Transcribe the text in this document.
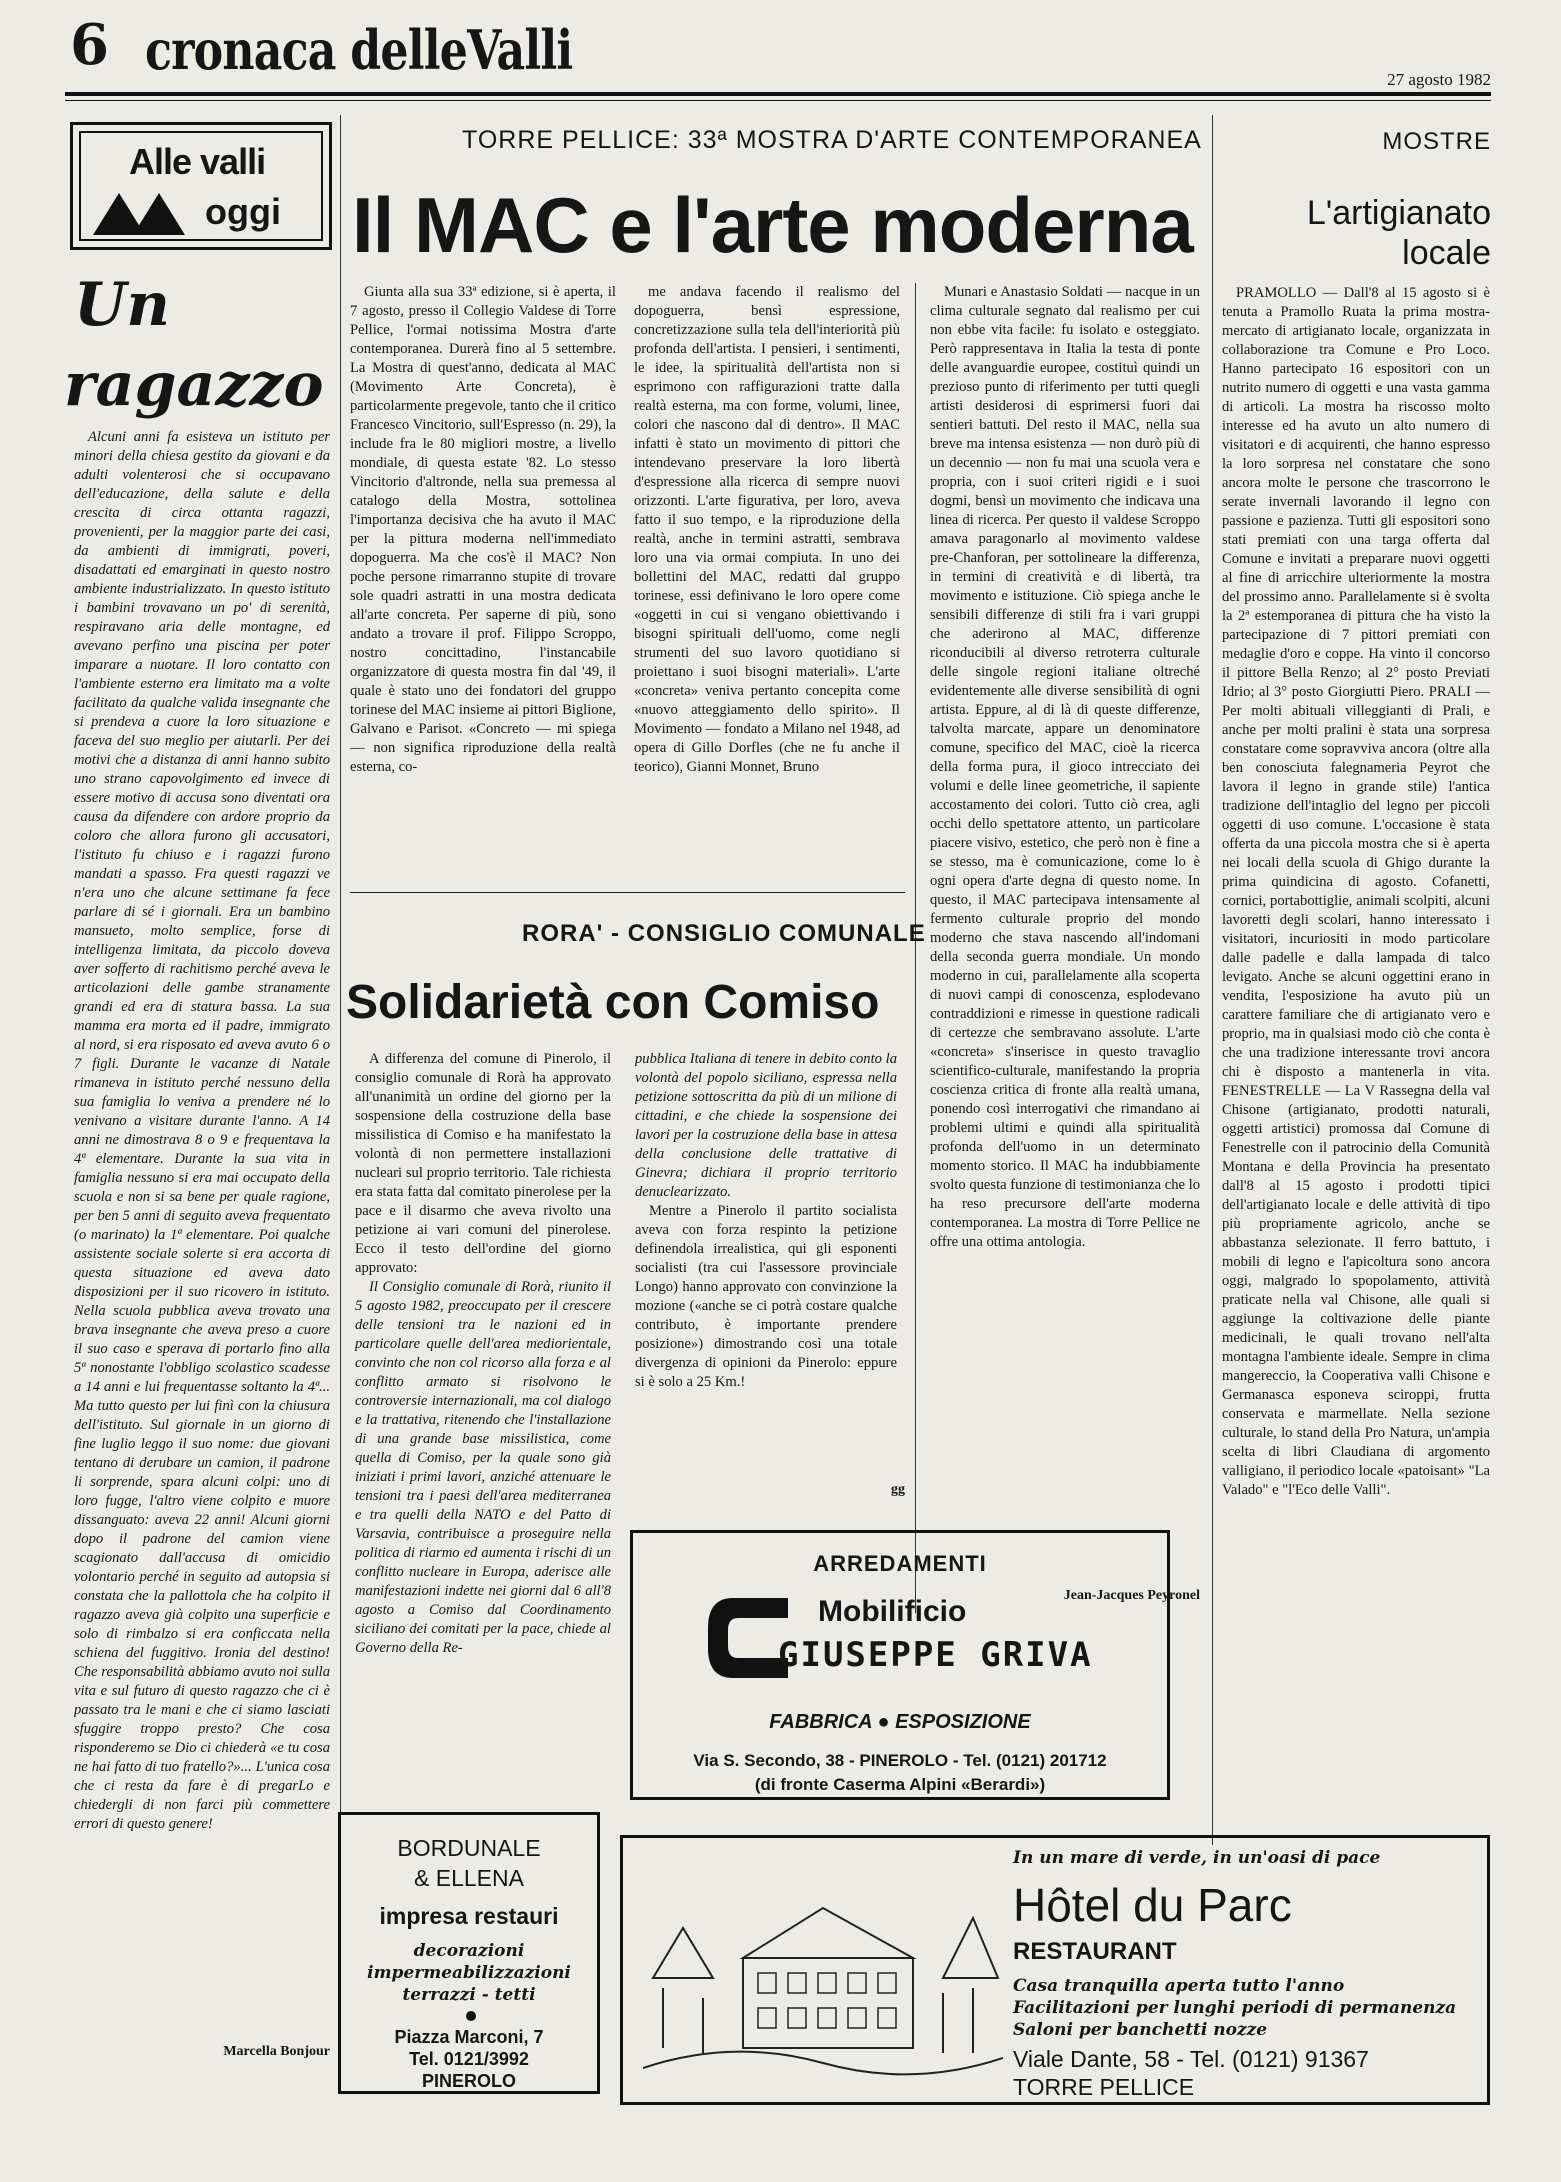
6 cronaca delleValli	27 agosto 1982
Alle valli
oggi
Un
ragazzo

Alcuni anni fa esisteva un istituto per minori della chiesa gestito da giovani e da adulti volenterosi che si occupavano dell'educazione, della salute e della crescita di circa ottanta ragazzi, provenienti, per la maggior parte dei casi, da ambienti di immigrati, poveri, disadattati ed emarginati in questo nostro ambiente industrializzato. In questo istituto i bambini trovavano un po' di serenità, respiravano aria delle montagne, ed avevano perfino una piscina per poter imparare a nuotare. Il loro contatto con l'ambiente esterno era limitato ma a volte facilitato da qualche valida insegnante che si prendeva a cuore la loro situazione e faceva del suo meglio per aiutarli. Per dei motivi che a distanza di anni hanno subito uno strano capovolgimento ed invece di essere motivo di accusa sono diventati ora causa da difendere con ardore proprio da coloro che allora furono gli accusatori, l'istituto fu chiuso e i ragazzi furono mandati a spasso. Fra questi ragazzi ve n'era uno che alcune settimane fa fece parlare di sé i giornali. Era un bambino mansueto, molto semplice, forse di intelligenza limitata, da piccolo doveva aver sofferto di rachitismo perché aveva le articolazioni delle gambe stranamente grandi ed era di statura bassa. La sua mamma era morta ed il padre, immigrato al nord, si era risposato ed aveva avuto 6 o 7 figli. Durante le vacanze di Natale rimaneva in istituto perché nessuno della sua famiglia lo veniva a prendere né lo venivano a visitare durante l'anno. A 14 anni ne dimostrava 8 o 9 e frequentava la 4ª elementare. Durante la sua vita in famiglia nessuno si era mai occupato della scuola e non si sa bene per quale ragione, per ben 5 anni di seguito aveva frequentato (o marinato) la 1ª elementare. Poi qualche assistente sociale solerte si era accorta di questa situazione ed aveva dato disposizioni per il suo ricovero in istituto. Nella scuola pubblica aveva trovato una brava insegnante che aveva preso a cuore il suo caso e sperava di portarlo fino alla 5ª nonostante l'obbligo scolastico scadesse a 14 anni e lui frequentasse soltanto la 4ª... Ma tutto questo per lui finì con la chiusura dell'istituto. Sul giornale in un giorno di fine luglio leggo il suo nome: due giovani tentano di derubare un camion, il padrone li sorprende, spara alcuni colpi: uno di loro fugge, l'altro viene colpito e muore dissanguato: aveva 22 anni! Alcuni giorni dopo il padrone del camion viene scagionato dall'accusa di omicidio volontario perché in seguito ad autopsia si constata che la pallottola che ha colpito il ragazzo aveva già colpito una superficie e solo di rimbalzo si era conficcata nella schiena del fuggitivo. Ironia del destino! Che responsabilità abbiamo avuto noi sulla vita e sul futuro di questo ragazzo che ci è passato tra le mani e che ci siamo lasciati sfuggire troppo presto? Che cosa risponderemo se Dio ci chiederà «e tu cosa ne hai fatto di tuo fratello?»... L'unica cosa che ci resta da fare è di pregarLo e chiedergli di non farci più commettere errori di questo genere!

Marcella Bonjour
TORRE PELLICE: 33ª MOSTRA D'ARTE CONTEMPORANEA
Il MAC e l'arte moderna

Giunta alla sua 33ª edizione, si è aperta, il 7 agosto, presso il Collegio Valdese di Torre Pellice, l'ormai notissima Mostra d'arte contemporanea. Durerà fino al 5 settembre. La Mostra di quest'anno, dedicata al MAC (Movimento Arte Concreta), è particolarmente pregevole, tanto che il critico Francesco Vincitorio, sull'Espresso (n. 29), la include fra le 80 migliori mostre, a livello mondiale, di questa estate '82. Lo stesso Vincitorio d'altronde, nella sua premessa al catalogo della Mostra, sottolinea l'importanza decisiva che ha avuto il MAC per la pittura moderna nell'immediato dopoguerra. Ma che cos'è il MAC? Non poche persone rimarranno stupite di trovare sole quadri astratti in una mostra dedicata all'arte concreta. Per saperne di più, sono andato a trovare il prof. Filippo Scroppo, nostro concittadino, l'instancabile organizzatore di questa mostra fin dal '49, il quale è stato uno dei fondatori del gruppo torinese del MAC insieme ai pittori Biglione, Galvano e Parisot. «Concreto — mi spiega — non significa riproduzione della realtà esterna, co-

me andava facendo il realismo del dopoguerra, bensì espressione, concretizzazione sulla tela dell'interiorità più profonda dell'artista. I pensieri, i sentimenti, le idee, la spiritualità dell'artista non si esprimono con raffigurazioni tratte dalla realtà esterna, ma con forme, volumi, linee, colori che nascono dal di dentro». Il MAC infatti è stato un movimento di pittori che intendevano preservare la loro libertà d'espressione alla ricerca di sempre nuovi orizzonti. L'arte figurativa, per loro, aveva fatto il suo tempo, e la riproduzione della realtà, anche in termini astratti, sembrava loro una via ormai compiuta. In uno dei bollettini del MAC, redatti dal gruppo torinese, essi definivano le loro opere come «oggetti in cui si vengano obiettivando i bisogni spirituali dell'uomo, come negli strumenti del suo lavoro quotidiano si proiettano i suoi bisogni materiali». L'arte «concreta» veniva pertanto concepita come «nuovo atteggiamento dello spirito». Il Movimento — fondato a Milano nel 1948, ad opera di Gillo Dorfles (che ne fu anche il teorico), Gianni Monnet, Bruno

Munari e Anastasio Soldati — nacque in un clima culturale segnato dal realismo per cui non ebbe vita facile: fu isolato e osteggiato. Però rappresentava in Italia la testa di ponte delle avanguardie europee, costituì quindi un prezioso punto di riferimento per tutti quegli artisti desiderosi di esprimersi fuori dai sentieri battuti. Del resto il MAC, nella sua breve ma intensa esistenza — non durò più di un decennio — non fu mai una scuola vera e propria, con i suoi criteri rigidi e i suoi dogmi, bensì un movimento che indicava una linea di ricerca. Per questo il valdese Scroppo amava paragonarlo al movimento valdese pre-Chanforan, per sottolineare la differenza, in termini di creatività e di libertà, tra movimento e istituzione. Ciò spiega anche le sensibili differenze di stili fra i vari gruppi che aderirono al MAC, differenze riconducibili al diverso retroterra culturale delle singole regioni italiane oltreché evidentemente alle diverse sensibilità di ogni artista. Eppure, al di là di queste differenze, talvolta marcate, appare un denominatore comune, specifico del MAC, cioè la ricerca della forma pura, il gioco intrecciato dei volumi e delle linee geometriche, il sapiente accostamento dei colori. Tutto ciò crea, agli occhi dello spettatore attento, un particolare piacere visivo, estetico, che però non è fine a se stesso, ma è comunicazione, come lo è ogni opera d'arte degna di questo nome. In questo, il MAC partecipava intensamente al fermento culturale proprio del mondo moderno che stava nascendo all'indomani della seconda guerra mondiale. Un mondo moderno in cui, parallelamente alla scoperta di nuovi campi di conoscenza, esplodevano contraddizioni e rimesse in questione radicali di certezze che sembravano assolute. L'arte «concreta» s'inserisce in questo travaglio scientifico-culturale, manifestando la propria coscienza critica di fronte alla realtà umana, ponendo così interrogativi che rimandano ai problemi ultimi e quindi alla spiritualità profonda dell'uomo in un determinato momento storico. Il MAC ha indubbiamente svolto questa funzione di testimonianza che lo ha reso precursore dell'arte moderna contemporanea. La mostra di Torre Pellice ne offre una ottima antologia.

Jean-Jacques Peyronel
RORA' - CONSIGLIO COMUNALE
Solidarietà con Comiso

A differenza del comune di Pinerolo, il consiglio comunale di Rorà ha approvato all'unanimità un ordine del giorno per la sospensione della costruzione della base missilistica di Comiso e ha manifestato la volontà di non permettere installazioni nucleari sul proprio territorio. Tale richiesta era stata fatta dal comitato pinerolese per la pace e il disarmo che aveva rivolto una petizione ai vari comuni del pinerolese. Ecco il testo dell'ordine del giorno approvato:

Il Consiglio comunale di Rorà, riunito il 5 agosto 1982, preoccupato per il crescere delle tensioni tra le nazioni ed in particolare quelle dell'area mediorientale, convinto che non col ricorso alla forza e al conflitto armato si risolvono le controversie internazionali, ma col dialogo e la trattativa, ritenendo che l'installazione di una grande base missilistica, come quella di Comiso, per la quale sono già iniziati i primi lavori, anziché attenuare le tensioni tra i paesi dell'area mediterranea e tra quelli della NATO e del Patto di Varsavia, contribuisce a proseguire nella politica di riarmo ed aumenta i rischi di un conflitto nucleare in Europa, aderisce alle manifestazioni indette nei giorni dal 6 all'8 agosto a Comiso dal Coordinamento siciliano dei comitati per la pace, chiede al Governo della Re-

pubblica Italiana di tenere in debito conto la volontà del popolo siciliano, espressa nella petizione sottoscritta da più di un milione di cittadini, e che chiede la sospensione dei lavori per la costruzione della base in attesa della conclusione delle trattative di Ginevra; dichiara il proprio territorio denuclearizzato.

Mentre a Pinerolo il partito socialista aveva con forza respinto la petizione definendola irrealistica, qui gli esponenti socialisti (tra cui l'assessore provinciale Longo) hanno approvato con convinzione la mozione («anche se ci potrà costare qualche contributo, è importante prendere posizione») dimostrando così una totale divergenza di opinioni da Pinerolo: eppure si è solo a 25 Km.!

gg
MOSTRE
L'artigianato
locale

PRAMOLLO — Dall'8 al 15 agosto si è tenuta a Pramollo Ruata la prima mostra-mercato di artigianato locale, organizzata in collaborazione tra Comune e Pro Loco. Hanno partecipato 16 espositori con un nutrito numero di oggetti e una vasta gamma di articoli. La mostra ha riscosso molto interesse ed ha avuto un alto numero di visitatori e di acquirenti, che hanno espresso la loro sorpresa nel constatare che sono ancora molte le persone che trascorrono le serate invernali lavorando il legno con passione e pazienza. Tutti gli espositori sono stati premiati con una targa offerta dal Comune e invitati a preparare nuovi oggetti al fine di arricchire ulteriormente la mostra del prossimo anno. Parallelamente si è svolta la 2ª estemporanea di pittura che ha visto la partecipazione di 7 pittori premiati con medaglie d'oro e coppe. Ha vinto il concorso il pittore Bella Renzo; al 2° posto Previati Idrio; al 3° posto Giorgiutti Piero. PRALI — Per molti abituali villeggianti di Prali, e anche per molti pralini è stata una sorpresa constatare come sopravviva ancora (oltre alla ben conosciuta falegnameria Peyrot che lavora il legno in grande stile) l'antica tradizione dell'intaglio del legno per piccoli oggetti di uso comune. L'occasione è stata offerta da una piccola mostra che si è aperta nei locali della scuola di Ghigo durante la prima quindicina di agosto. Cofanetti, cornici, portabottiglie, animali scolpiti, alcuni lavoretti degli scolari, hanno interessato i visitatori, incuriositi in modo particolare dalle padelle e dalla lampada di talco levigato. Anche se alcuni oggettini erano in vendita, l'esposizione ha avuto più un carattere familiare che di artigianato vero e proprio, ma in qualsiasi modo ciò che conta è che una tradizione interessante trovi ancora chi è disposto a mantenerla in vita. FENESTRELLE — La V Rassegna della val Chisone (artigianato, prodotti naturali, oggetti artistici) promossa dal Comune di Fenestrelle con il patrocinio della Comunità Montana e della Provincia ha presentato dall'8 al 15 agosto i prodotti tipici dell'artigianato locale e delle attività di tipo più propriamente agricolo, anche se abbastanza selezionate. Il ferro battuto, i mobili di legno e l'apicoltura sono ancora oggi, malgrado lo spopolamento, attività praticate nella val Chisone, alle quali si aggiunge la coltivazione delle piante medicinali, le quali trovano nell'alta montagna l'ambiente ideale. Sempre in clima mangereccio, la Cooperativa valli Chisone e Germanasca esponeva sciroppi, frutta conservata e marmellate. Nella sezione culturale, lo stand della Pro Natura, un'ampia scelta di libri Claudiana di argomento valligiano, il periodico locale «patoisant» "La Valado" e "l'Eco delle Valli".

ARREDAMENTI
Mobilificio
GIUSEPPE GRIVA
FABBRICA ● ESPOSIZIONE
Via S. Secondo, 38 - PINEROLO - Tel. (0121) 201712
(di fronte Caserma Alpini «Berardi»)
BORDUNALE
& ELLENA
impresa restauri
decorazioni
impermeabilizzazioni
terrazzi - tetti
Piazza Marconi, 7
Tel. 0121/3992
PINEROLO
In un mare di verde, in un'oasi di pace
Hôtel du Parc
RESTAURANT
Casa tranquilla aperta tutto l'anno
Facilitazioni per lunghi periodi di permanenza
Saloni per banchetti nozze
Viale Dante, 58 - Tel. (0121) 91367
TORRE PELLICE
